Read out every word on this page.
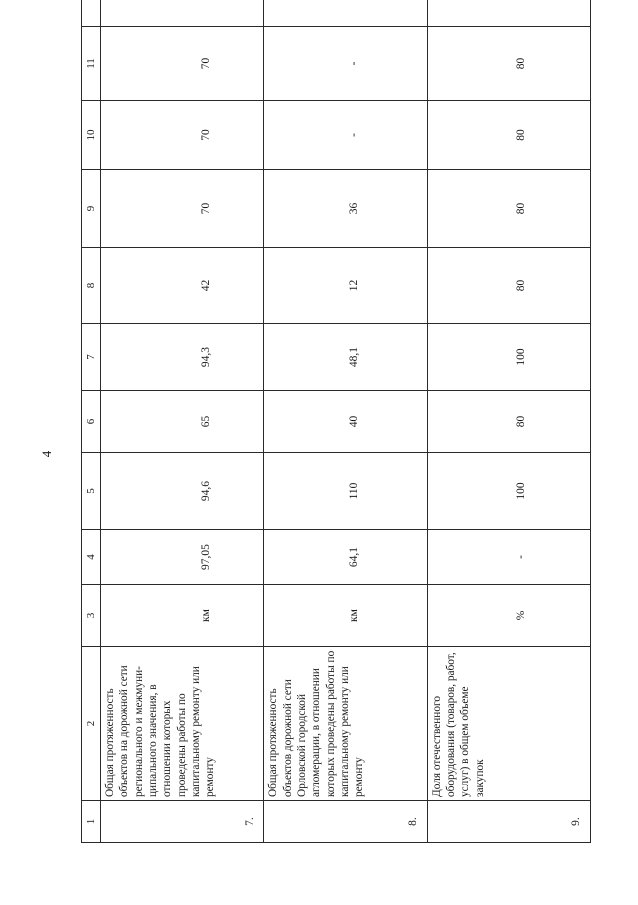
4
1	2	3	4	5	6	7	8	9	10	11	
7.	Общая протяженность объектов на дорожной сети регионального и межмуни-ципального значения, в отношении которых проведены работы по капитальному ремонту или ремонту	км	97,05	94,6	65	94,3	42	70	70	70	
8.	Общая протяженность объектов дорожной сети Орловской городской агломерации, в отношении которых проведены работы по капитальному ремонту или ремонту	км	64,1	110	40	48,1	12	36	-	-	
9.	Доля отечественного оборудования (товаров, работ, услуг) в общем объеме закупок	%	-	100	80	100	80	80	80	80	
